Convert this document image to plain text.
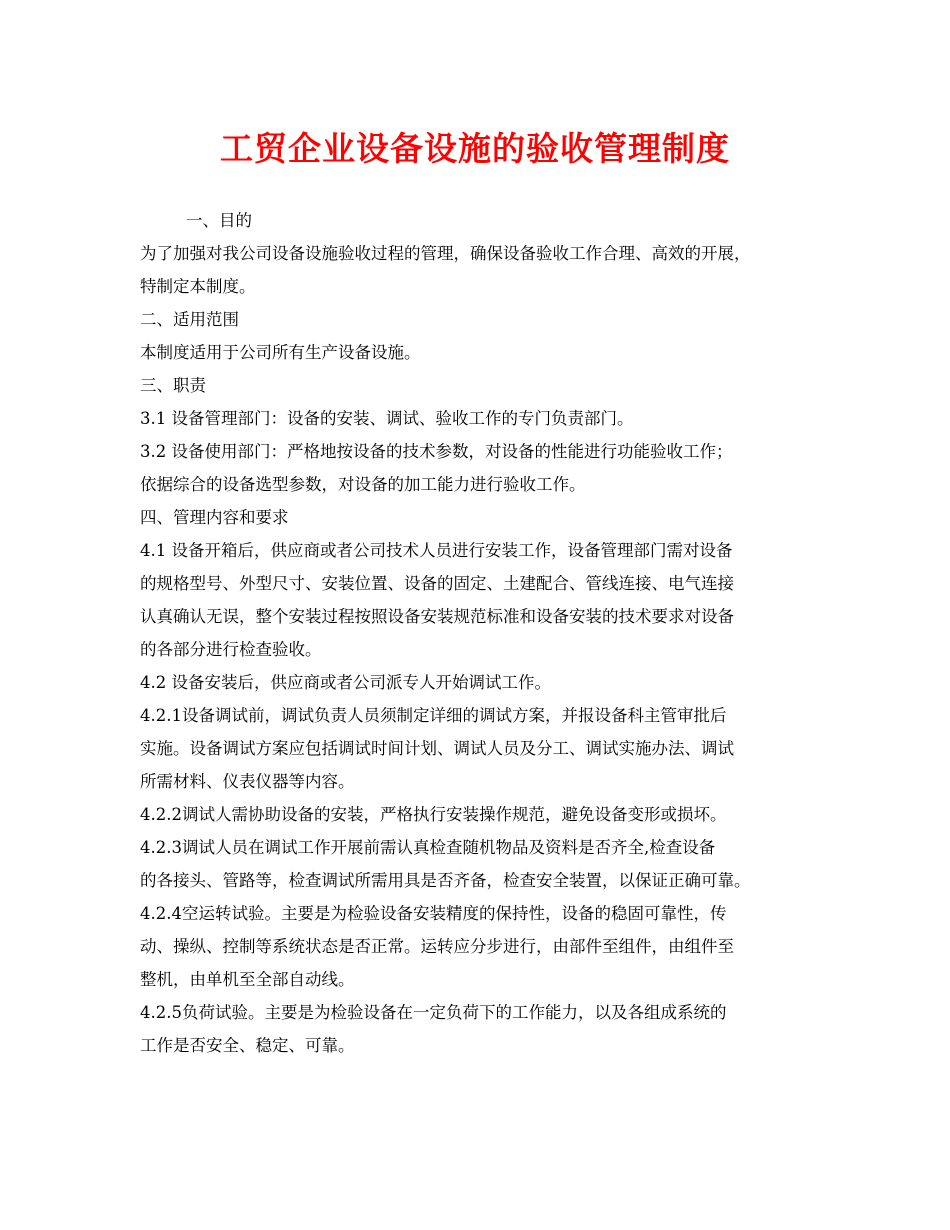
工贸企业设备设施的验收管理制度

一、目的

为了加强对我公司设备设施验收过程的管理，确保设备验收工作合理、高效的开展，

特制定本制度。

二、适用范围

本制度适用于公司所有生产设备设施。

三、职责

3.1 设备管理部门：设备的安装、调试、验收工作的专门负责部门。

3.2 设备使用部门：严格地按设备的技术参数，对设备的性能进行功能验收工作；

依据综合的设备选型参数，对设备的加工能力进行验收工作。

四、管理内容和要求

4.1 设备开箱后，供应商或者公司技术人员进行安装工作，设备管理部门需对设备

的规格型号、外型尺寸、安装位置、设备的固定、土建配合、管线连接、电气连接

认真确认无误，整个安装过程按照设备安装规范标准和设备安装的技术要求对设备

的各部分进行检查验收。

4.2 设备安装后，供应商或者公司派专人开始调试工作。

4.2.1设备调试前，调试负责人员须制定详细的调试方案，并报设备科主管审批后

实施。设备调试方案应包括调试时间计划、调试人员及分工、调试实施办法、调试

所需材料、仪表仪器等内容。

4.2.2调试人需协助设备的安装，严格执行安装操作规范，避免设备变形或损坏。

4.2.3调试人员在调试工作开展前需认真检查随机物品及资料是否齐全,检查设备

的各接头、管路等，检查调试所需用具是否齐备，检查安全装置，以保证正确可靠。

4.2.4空运转试验。主要是为检验设备安装精度的保持性，设备的稳固可靠性，传

动、操纵、控制等系统状态是否正常。运转应分步进行，由部件至组件，由组件至

整机，由单机至全部自动线。

4.2.5负荷试验。主要是为检验设备在一定负荷下的工作能力，以及各组成系统的

工作是否安全、稳定、可靠。
